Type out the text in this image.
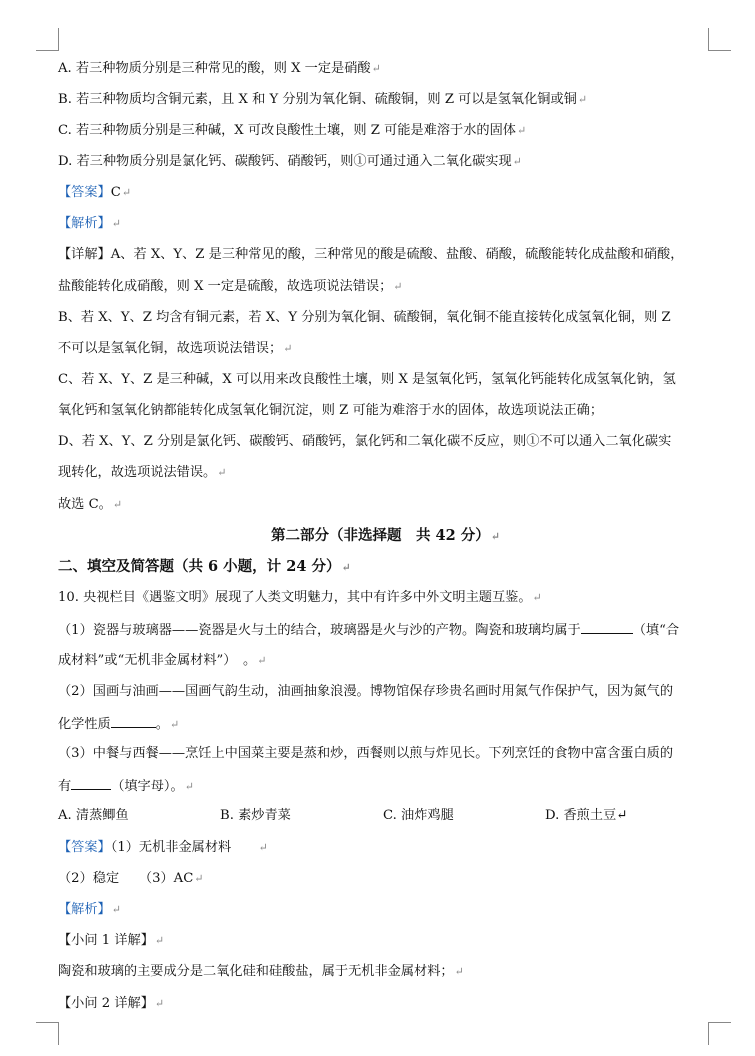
A. 若三种物质分别是三种常见的酸，则 X 一定是硝酸↵
B. 若三种物质均含铜元素，且 X 和 Y 分别为氧化铜、硫酸铜，则 Z 可以是氢氧化铜或铜↵
C. 若三种物质分别是三种碱，X 可改良酸性土壤，则 Z 可能是难溶于水的固体↵
D. 若三种物质分别是氯化钙、碳酸钙、硝酸钙，则①可通过通入二氧化碳实现↵
【答案】C↵
【解析】↵
【详解】A、若 X、Y、Z 是三种常见的酸，三种常见的酸是硫酸、盐酸、硝酸，硫酸能转化成盐酸和硝酸，
盐酸能转化成硝酸，则 X 一定是硫酸，故选项说法错误；↵
B、若 X、Y、Z 均含有铜元素，若 X、Y 分别为氧化铜、硫酸铜，氧化铜不能直接转化成氢氧化铜，则 Z
不可以是氢氧化铜，故选项说法错误；↵
C、若 X、Y、Z 是三种碱，X 可以用来改良酸性土壤，则 X 是氢氧化钙，氢氧化钙能转化成氢氧化钠，氢
氧化钙和氢氧化钠都能转化成氢氧化铜沉淀，则 Z 可能为难溶于水的固体，故选项说法正确；
D、若 X、Y、Z 分别是氯化钙、碳酸钙、硝酸钙，氯化钙和二氧化碳不反应，则①不可以通入二氧化碳实
现转化，故选项说法错误。↵
故选 C。↵
第二部分（非选择题　共 42 分）↵
二、填空及简答题（共 6 小题，计 24 分）↵
10. 央视栏目《遇鉴文明》展现了人类文明魅力，其中有许多中外文明主题互鉴。↵
（1）瓷器与玻璃器——瓷器是火与土的结合，玻璃器是火与沙的产物。陶瓷和玻璃均属于	（填“合
成材料”或“无机非金属材料”）　。↵
（2）国画与油画——国画气韵生动，油画抽象浪漫。博物馆保存珍贵名画时用氮气作保护气，因为氮气的
化学性质	。↵
（3）中餐与西餐——烹饪上中国菜主要是蒸和炒，西餐则以煎与炸见长。下列烹饪的食物中富含蛋白质的
有	（填字母）。↵
A. 清蒸鲫鱼	B. 素炒青菜	C. 油炸鸡腿	D. 香煎土豆↵
【答案】（1）无机非金属材料　　 ↵
（2）稳定　　（3）AC↵
【解析】↵
【小问 1 详解】↵
陶瓷和玻璃的主要成分是二氧化硅和硅酸盐，属于无机非金属材料；↵
【小问 2 详解】↵
